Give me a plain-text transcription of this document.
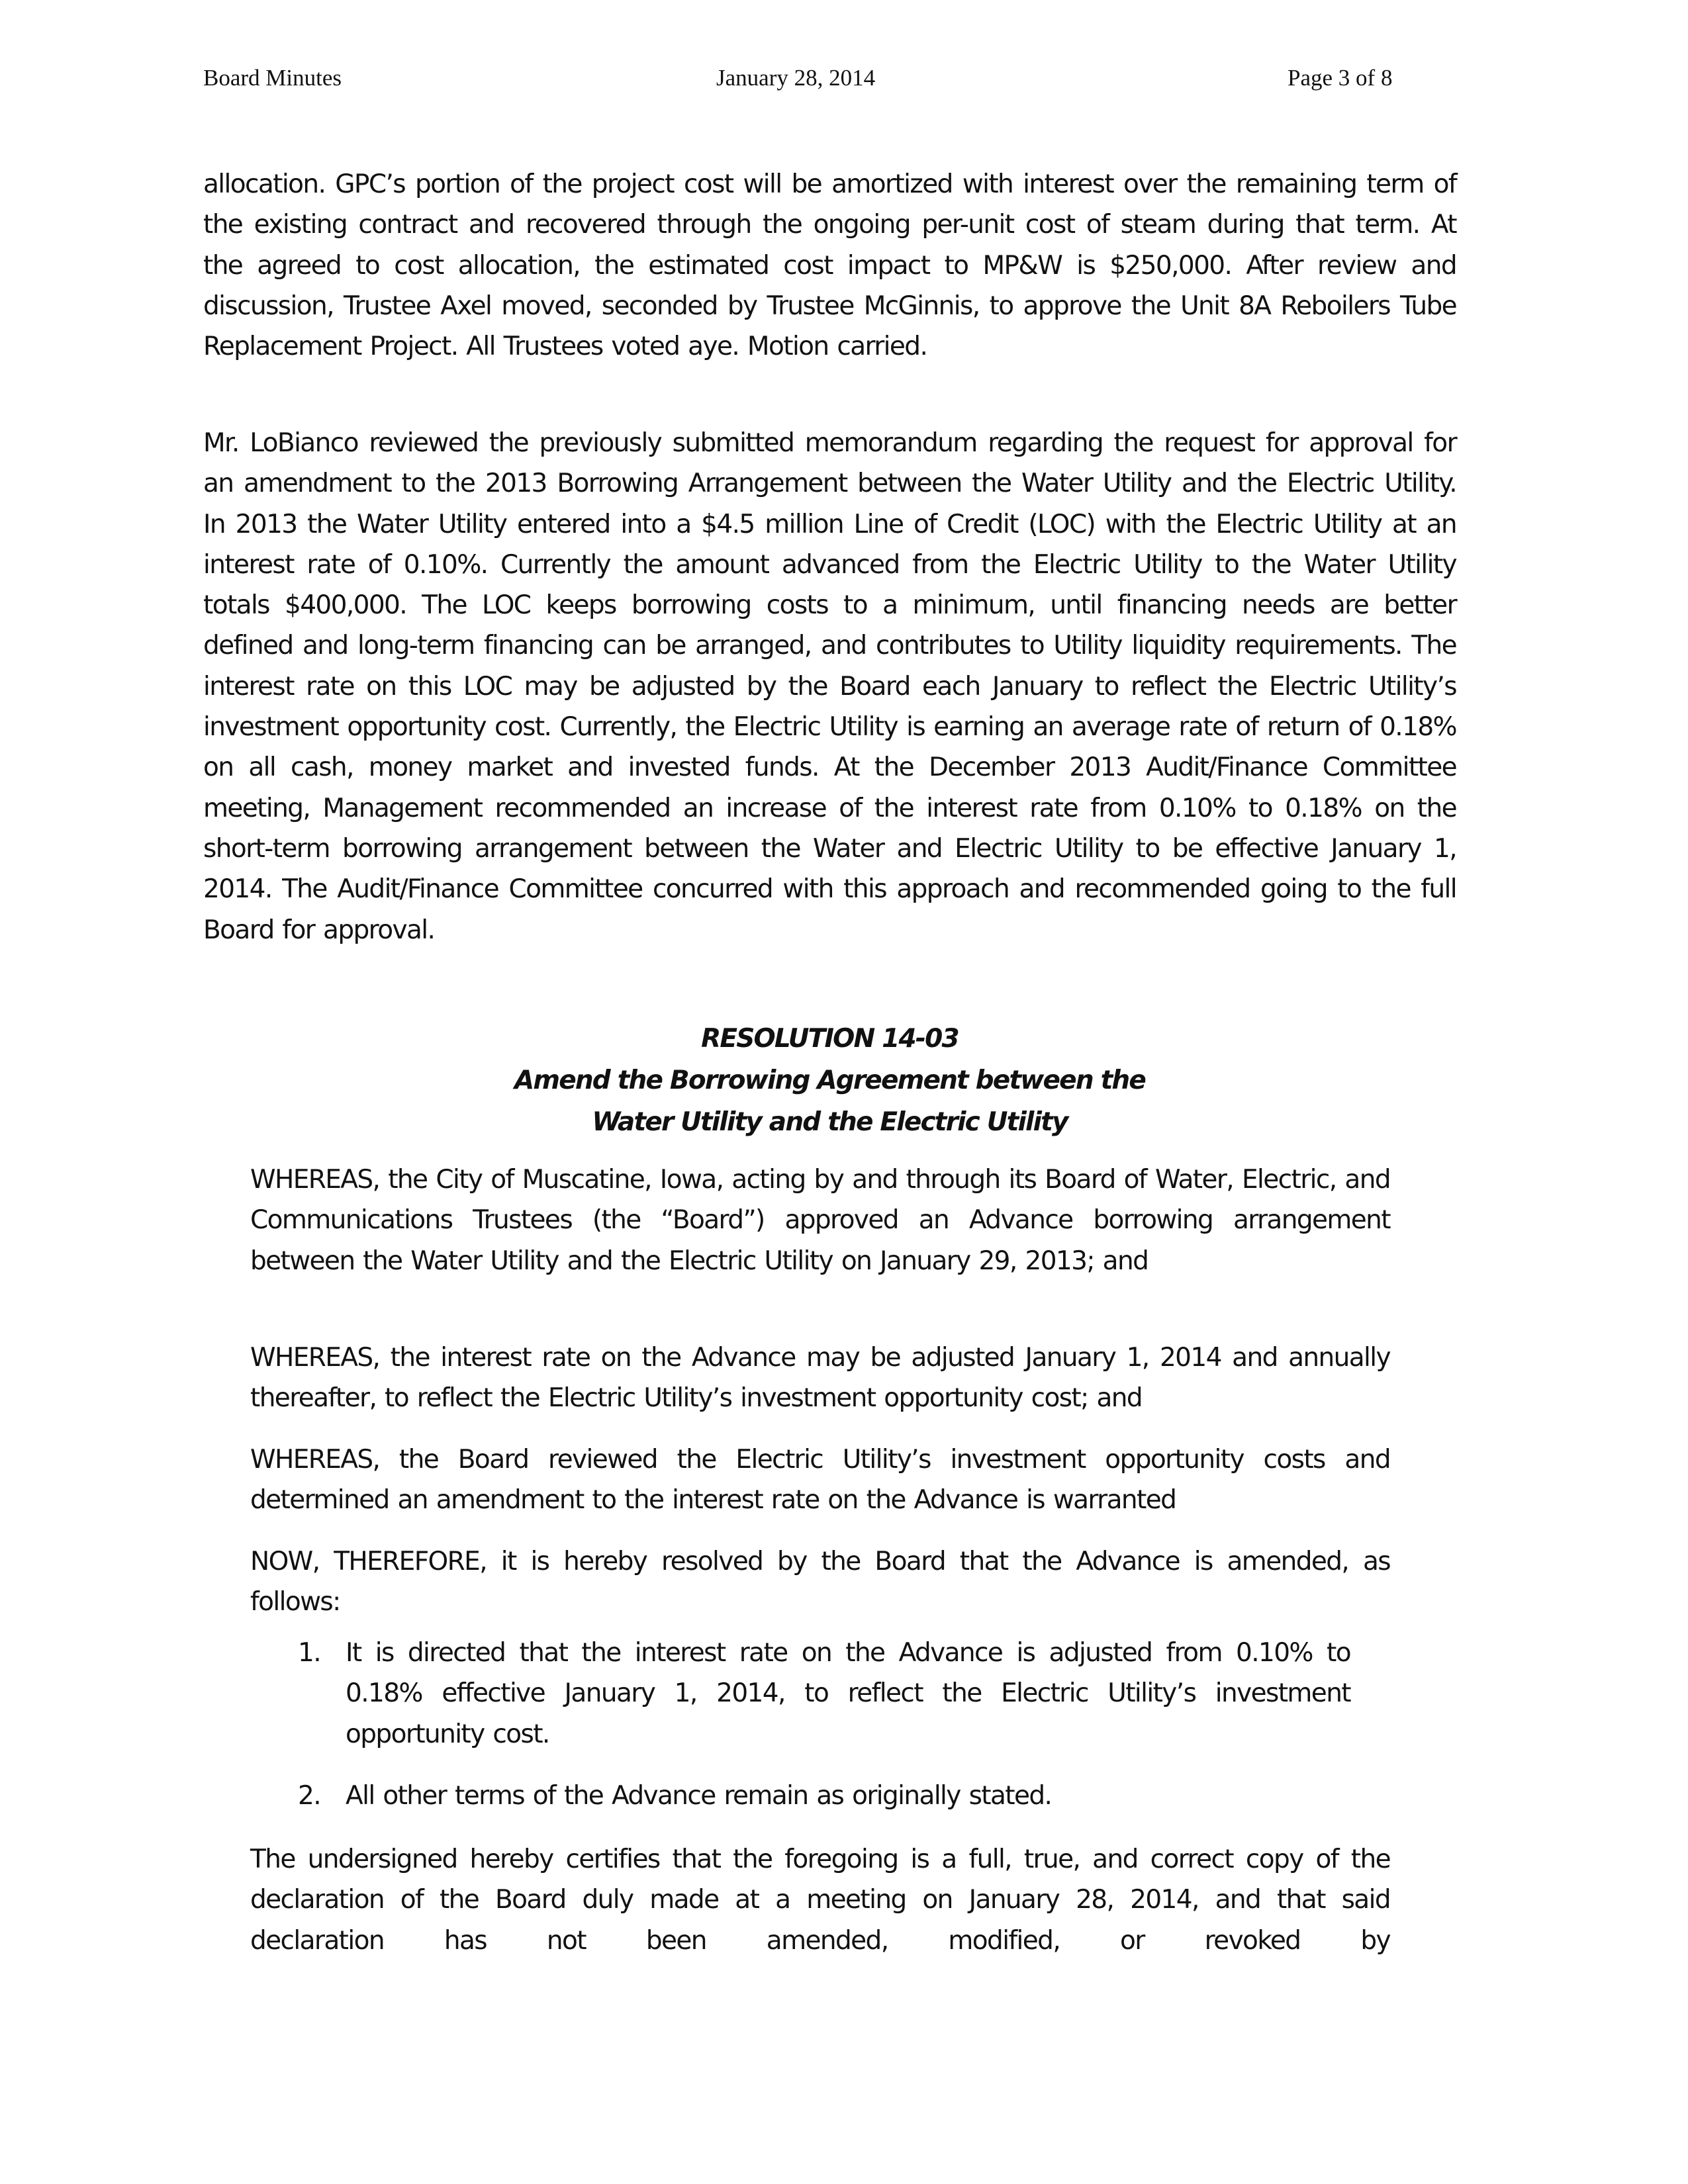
Board Minutes	January 28, 2014	Page 3 of 8

allocation. GPC’s portion of the project cost will be amortized with interest over the remaining term of the existing contract and recovered through the ongoing per-unit cost of steam during that term. At the agreed to cost allocation, the estimated cost impact to MP&W is $250,000. After review and discussion, Trustee Axel moved, seconded by Trustee McGinnis, to approve the Unit 8A Reboilers Tube Replacement Project. All Trustees voted aye. Motion carried.

Mr. LoBianco reviewed the previously submitted memorandum regarding the request for approval for an amendment to the 2013 Borrowing Arrangement between the Water Utility and the Electric Utility. In 2013 the Water Utility entered into a $4.5 million Line of Credit (LOC) with the Electric Utility at an interest rate of 0.10%. Currently the amount advanced from the Electric Utility to the Water Utility totals $400,000. The LOC keeps borrowing costs to a minimum, until financing needs are better defined and long-term financing can be arranged, and contributes to Utility liquidity requirements. The interest rate on this LOC may be adjusted by the Board each January to reflect the Electric Utility’s investment opportunity cost. Currently, the Electric Utility is earning an average rate of return of 0.18% on all cash, money market and invested funds. At the December 2013 Audit/Finance Committee meeting, Management recommended an increase of the interest rate from 0.10% to 0.18% on the short-term borrowing arrangement between the Water and Electric Utility to be effective January 1, 2014. The Audit/Finance Committee concurred with this approach and recommended going to the full Board for approval.

RESOLUTION 14-03
Amend the Borrowing Agreement between the
Water Utility and the Electric Utility

WHEREAS, the City of Muscatine, Iowa, acting by and through its Board of Water, Electric, and Communications Trustees (the “Board”) approved an Advance borrowing arrangement between the Water Utility and the Electric Utility on January 29, 2013; and

WHEREAS, the interest rate on the Advance may be adjusted January 1, 2014 and annually thereafter, to reflect the Electric Utility’s investment opportunity cost; and

WHEREAS, the Board reviewed the Electric Utility’s investment opportunity costs and determined an amendment to the interest rate on the Advance is warranted

NOW, THEREFORE, it is hereby resolved by the Board that the Advance is amended, as follows:

1. It is directed that the interest rate on the Advance is adjusted from 0.10% to 0.18% effective January 1, 2014, to reflect the Electric Utility’s investment opportunity cost.

2. All other terms of the Advance remain as originally stated.

The undersigned hereby certifies that the foregoing is a full, true, and correct copy of the declaration of the Board duly made at a meeting on January 28, 2014, and that said declaration has not been amended, modified, or revoked by
